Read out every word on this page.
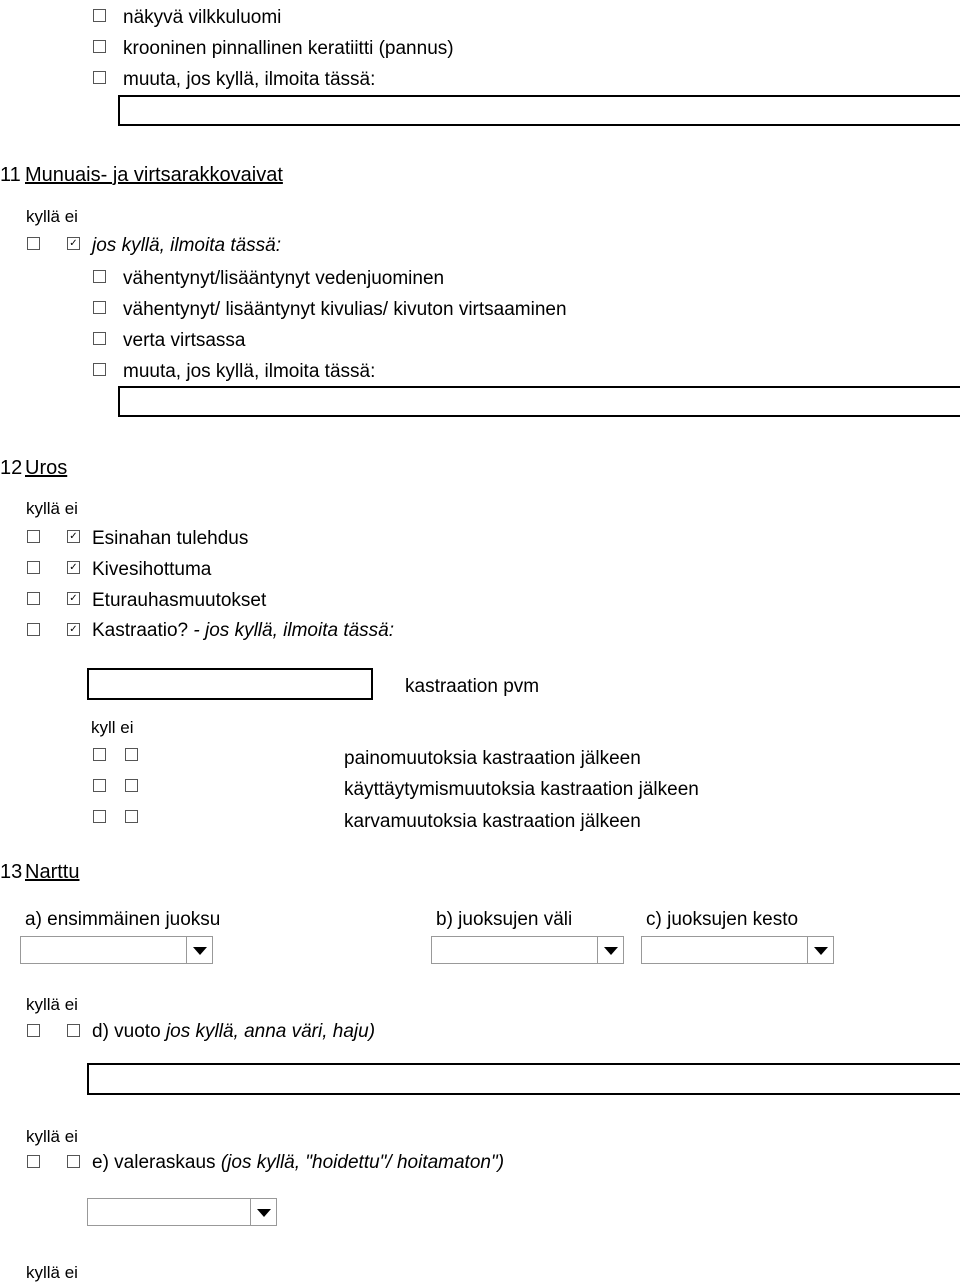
näkyvä vilkkuluomi
krooninen pinnallinen keratiitti (pannus)
muuta, jos kyllä, ilmoita tässä:
11 Munuais- ja virtsarakkovaivat
kyllä ei
✓ jos kyllä, ilmoita tässä:
vähentynyt/lisääntynyt vedenjuominen
vähentynyt/ lisääntynyt kivulias/ kivuton virtsaaminen
verta virtsassa
muuta, jos kyllä, ilmoita tässä:
12 Uros
kyllä ei
✓ Esinahan tulehdus
✓ Kivesihottuma
✓ Eturauhasmuutokset
✓ Kastraatio? - jos kyllä, ilmoita tässä:
kastraation pvm
kyll ei
painomuutoksia kastraation jälkeen
käyttäytymismuutoksia kastraation jälkeen
karvamuutoksia kastraation jälkeen
13 Narttu
a) ensimmäinen juoksu	b) juoksujen väli	c) juoksujen kesto
kyllä ei
d) vuoto jos kyllä, anna väri, haju)
kyllä ei
e) valeraskaus (jos kyllä, "hoidettu"/ hoitamaton")
kyllä ei
